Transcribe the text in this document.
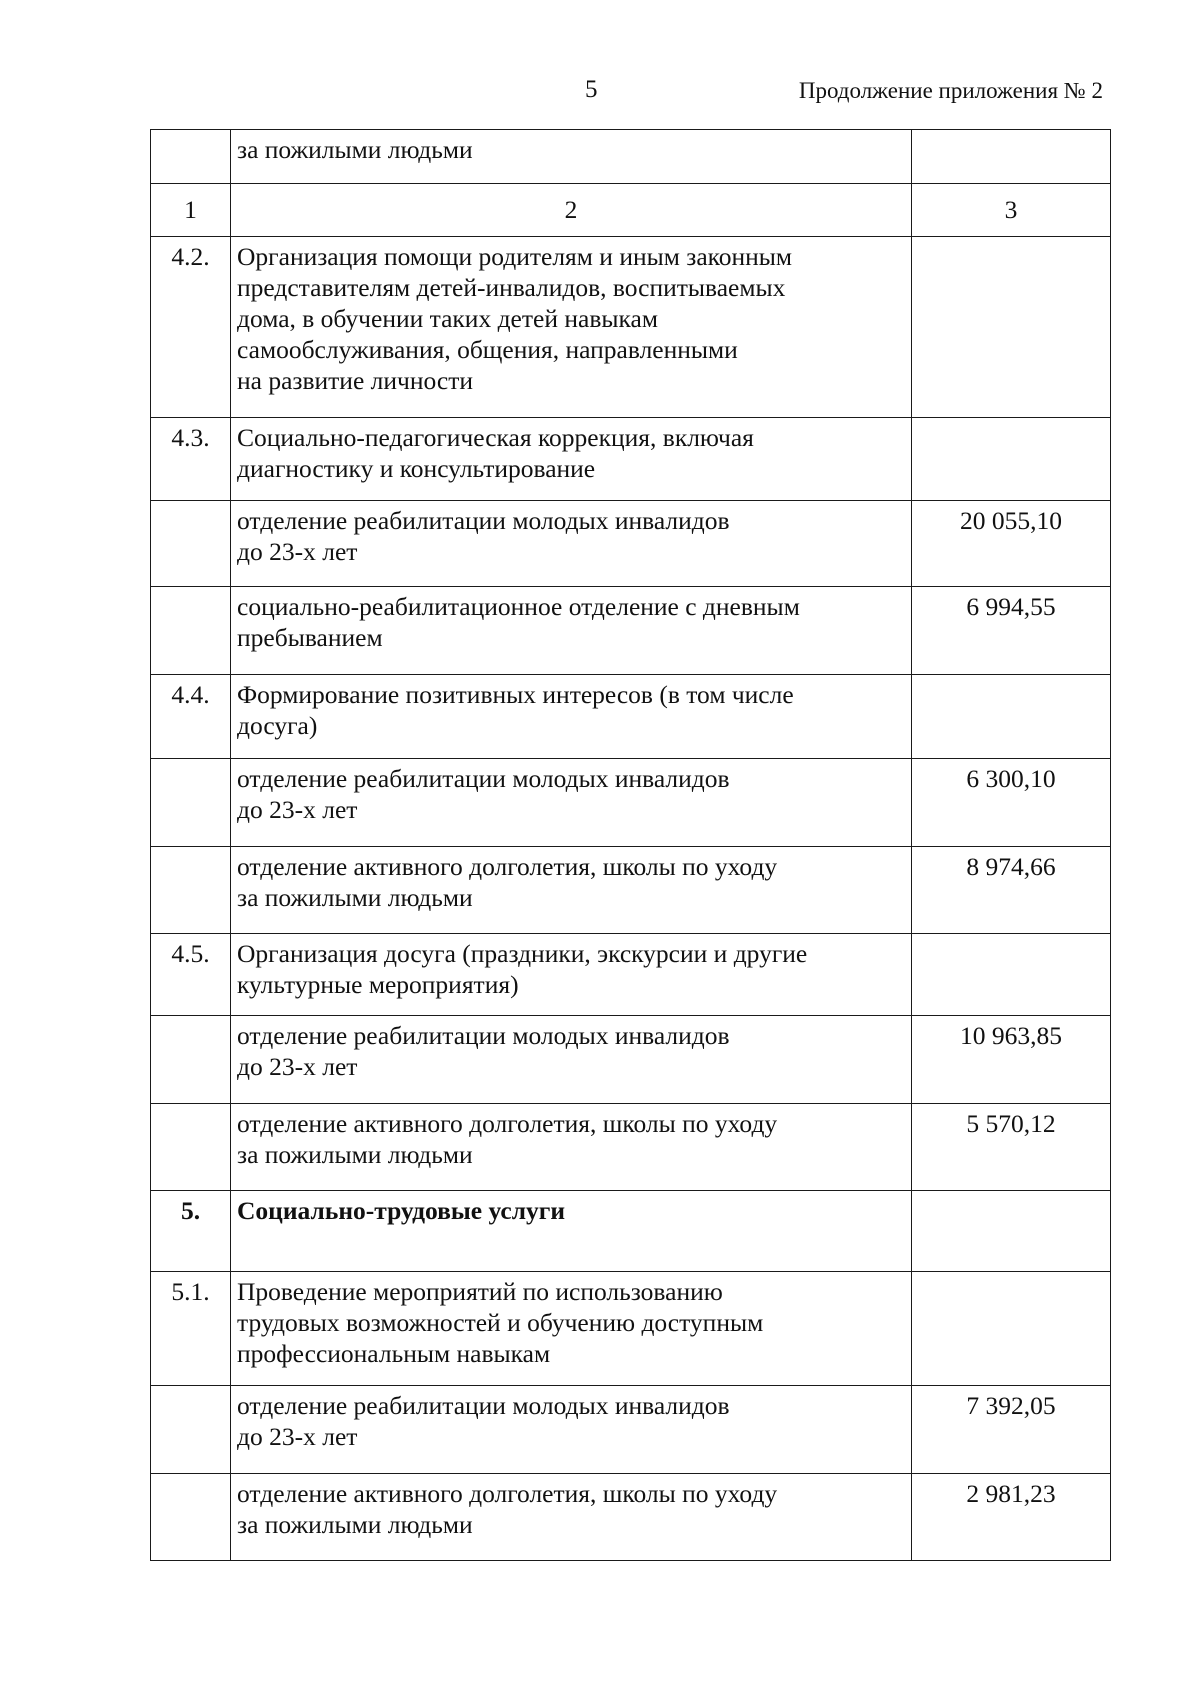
5	Продолжение приложения № 2
	за пожилыми людьми	
1	2	3
4.2.	Организация помощи родителям и иным законным
представителям детей-инвалидов, воспитываемых
дома, в обучении таких детей навыкам
самообслуживания, общения, направленными
на развитие личности	
4.3.	Социально-педагогическая коррекция, включая
диагностику и консультирование	
	отделение реабилитации молодых инвалидов
до 23-х лет	20 055,10
	социально-реабилитационное отделение с дневным
пребыванием	6 994,55
4.4.	Формирование позитивных интересов (в том числе
досуга)	
	отделение реабилитации молодых инвалидов
до 23-х лет	6 300,10
	отделение активного долголетия, школы по уходу
за пожилыми людьми	8 974,66
4.5.	Организация досуга (праздники, экскурсии и другие
культурные мероприятия)	
	отделение реабилитации молодых инвалидов
до 23-х лет	10 963,85
	отделение активного долголетия, школы по уходу
за пожилыми людьми	5 570,12
5.	Социально-трудовые услуги	
5.1.	Проведение мероприятий по использованию
трудовых возможностей и обучению доступным
профессиональным навыкам	
	отделение реабилитации молодых инвалидов
до 23-х лет	7 392,05
	отделение активного долголетия, школы по уходу
за пожилыми людьми	2 981,23
